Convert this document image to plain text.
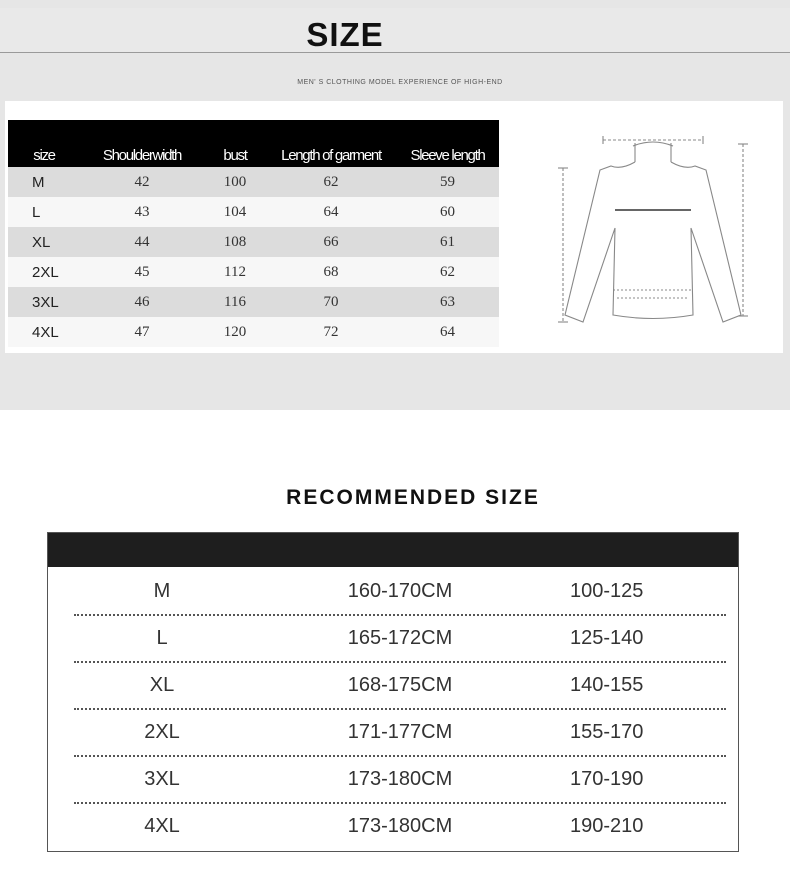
SIZE
MEN' S CLOTHING MODEL EXPERIENCE OF HIGH-END
size	Shoulderwidth	bust	Length of garment	Sleeve length
M	42	100	62	59
L	43	104	64	60
XL	44	108	66	61
2XL	45	112	68	62
3XL	46	116	70	63
4XL	47	120	72	64
RECOMMENDED SIZE
M	160-170CM	100-125
L	165-172CM	125-140
XL	168-175CM	140-155
2XL	171-177CM	155-170
3XL	173-180CM	170-190
4XL	173-180CM	190-210
